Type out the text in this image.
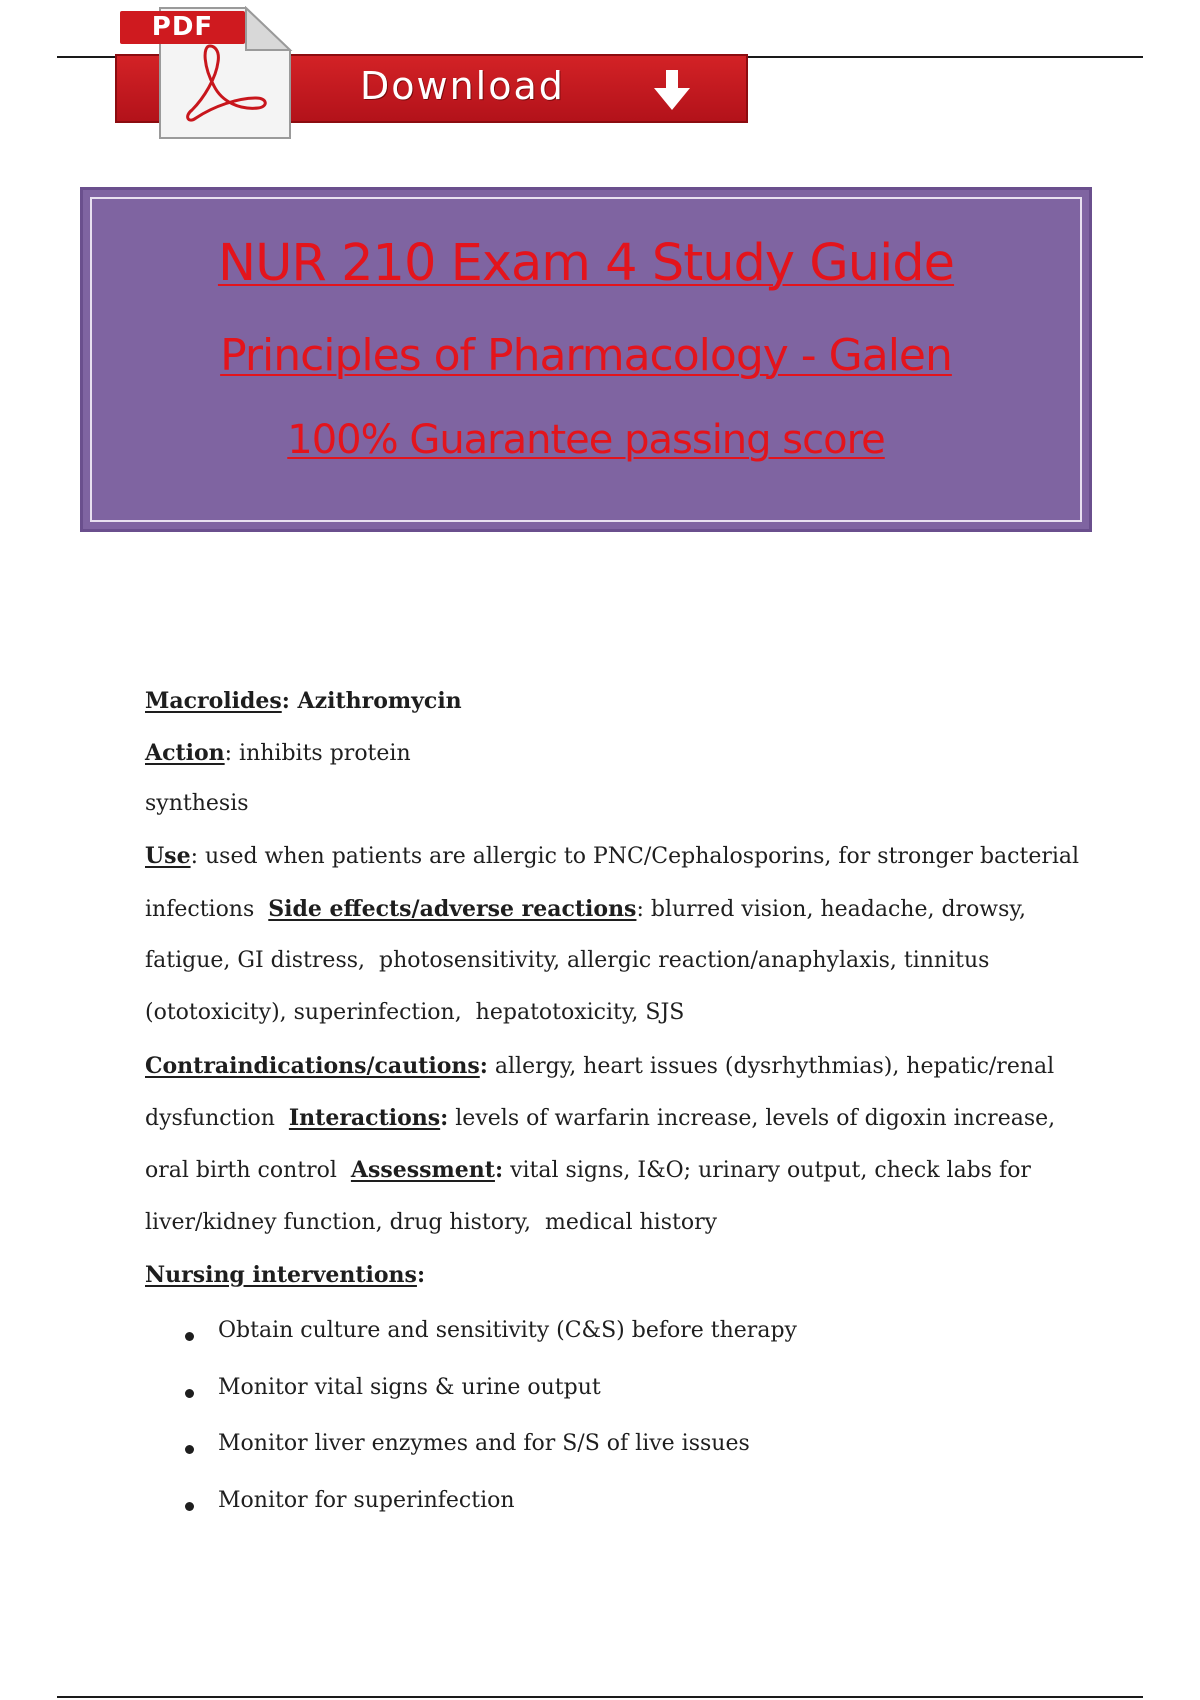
Download
PDF
NUR 210 Exam 4 Study Guide
Principles of Pharmacology - Galen
100% Guarantee passing score
Macrolides: Azithromycin
Action: inhibits protein
synthesis
Use: used when patients are allergic to PNC/Cephalosporins, for stronger bacterial
infections  Side effects/adverse reactions: blurred vision, headache, drowsy,
fatigue, GI distress,  photosensitivity, allergic reaction/anaphylaxis, tinnitus
(ototoxicity), superinfection,  hepatotoxicity, SJS
Contraindications/cautions: allergy, heart issues (dysrhythmias), hepatic/renal
dysfunction  Interactions: levels of warfarin increase, levels of digoxin increase,
oral birth control  Assessment: vital signs, I&O; urinary output, check labs for
liver/kidney function, drug history,  medical history
Nursing interventions:
Obtain culture and sensitivity (C&S) before therapy
Monitor vital signs & urine output
Monitor liver enzymes and for S/S of live issues
Monitor for superinfection
